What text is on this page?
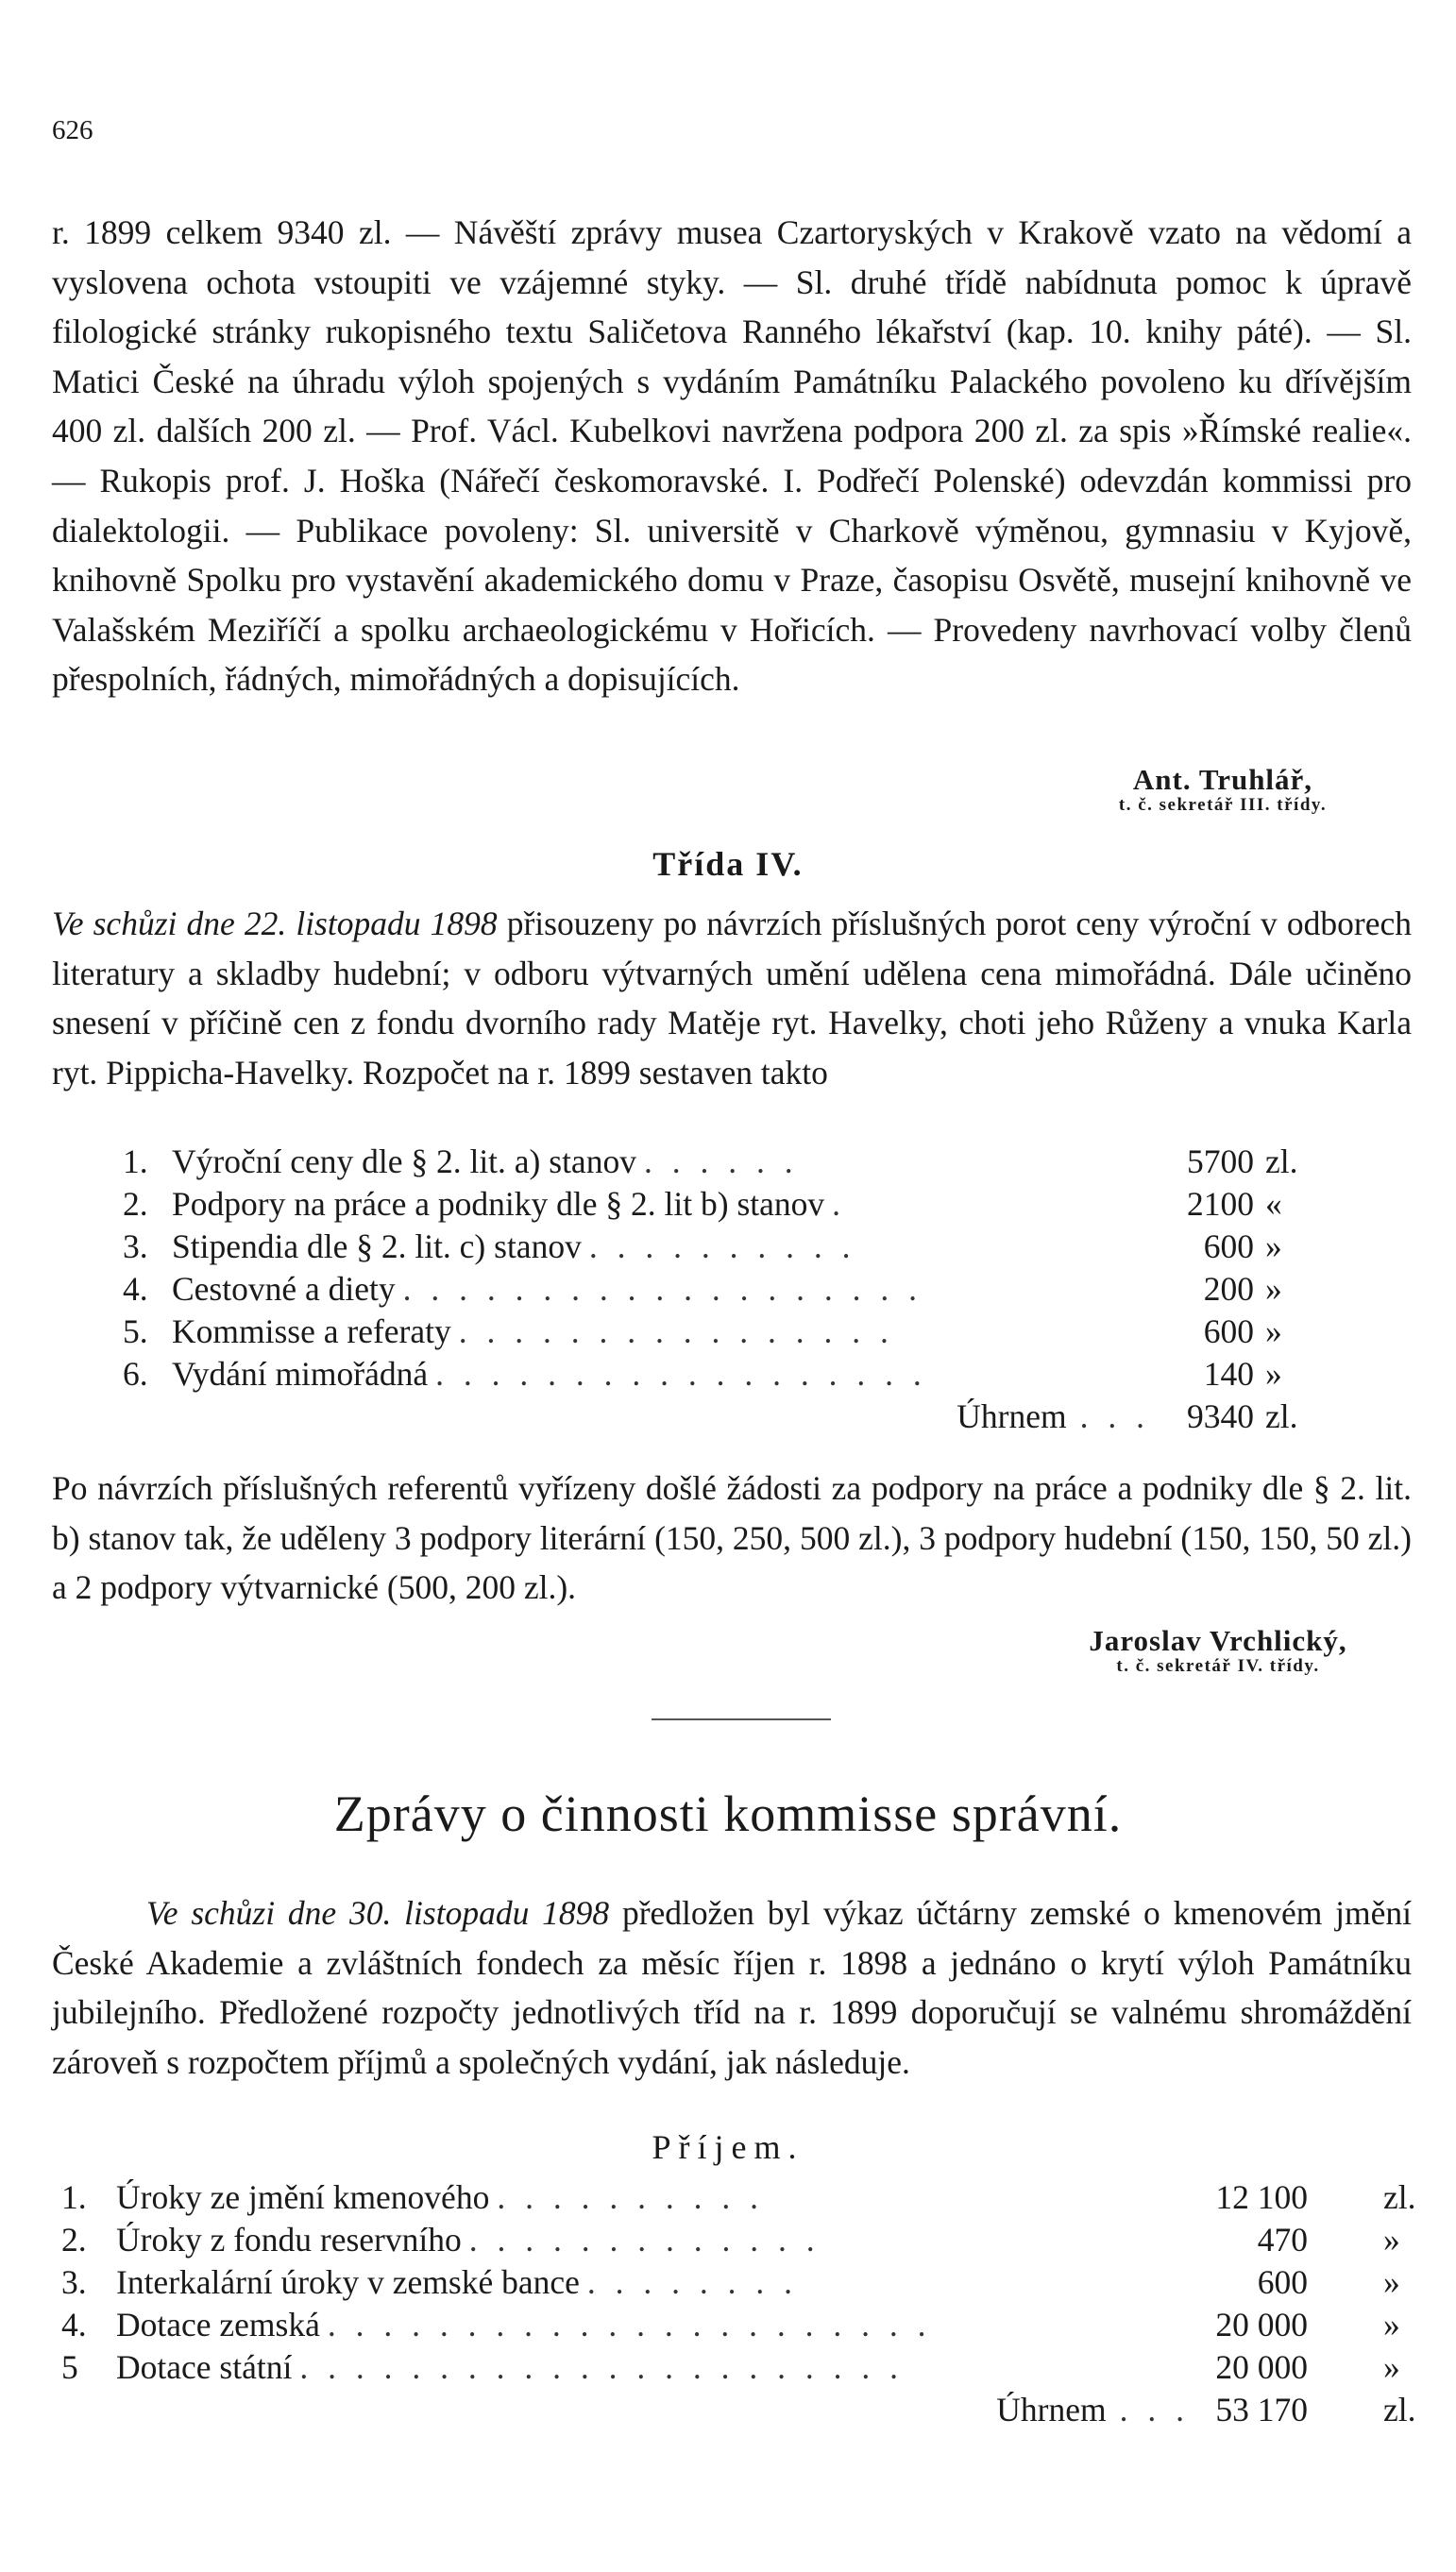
626

r. 1899 celkem 9340 zl. — Návěští zprávy musea Czartoryských v Krakově vzato na vědomí a vyslovena ochota vstoupiti ve vzájemné styky. — Sl. druhé třídě nabídnuta pomoc k úpravě filologické stránky rukopisného textu Saličetova Ranného lékařství (kap. 10. knihy páté). — Sl. Matici České na úhradu výloh spojených s vydáním Památníku Palackého povoleno ku dřívějším 400 zl. dalších 200 zl. — Prof. Václ. Kubelkovi navržena podpora 200 zl. za spis »Římské realie«. — Rukopis prof. J. Hoška (Nářečí českomoravské. I. Podřečí Polenské) odevzdán kommissi pro dialektologii. — Publikace povoleny: Sl. universitě v Charkově výměnou, gymnasiu v Kyjově, knihovně Spolku pro vystavění akademického domu v Praze, časopisu Osvětě, musejní knihovně ve Valašském Meziříčí a spolku archaeologickému v Hořicích. — Provedeny navrhovací volby členů přespolních, řádných, mimořádných a dopisujících.

Ant. Truhlář,
t. č. sekretář III. třídy.
Třída IV.

Ve schůzi dne 22. listopadu 1898 přisouzeny po návrzích příslušných porot ceny výroční v odborech literatury a skladby hudební; v odboru výtvarných umění udělena cena mimořádná. Dále učiněno snesení v příčině cen z fondu dvorního rady Matěje ryt. Havelky, choti jeho Růženy a vnuka Karla ryt. Pippicha-Havelky. Rozpočet na r. 1899 sestaven takto

1. Výroční ceny dle § 2. lit. a) stanov . . . . . .	5700 zl.
2. Podpory na práce a podniky dle § 2. lit b) stanov .	2100 «
3. Stipendia dle § 2. lit. c) stanov . . . . . . . . . .	600 »
4. Cestovné a diety . . . . . . . . . . . . . . . . . . .	200 »
5. Kommisse a referaty . . . . . . . . . . . . . . . .	600 »
6. Vydání mimořádná . . . . . . . . . . . . . . . . . .	140 »
Úhrnem . . .	9340 zl.

Po návrzích příslušných referentů vyřízeny došlé žádosti za podpory na práce a podniky dle § 2. lit. b) stanov tak, že uděleny 3 podpory literární (150, 250, 500 zl.), 3 podpory hudební (150, 150, 50 zl.) a 2 podpory výtvarnické (500, 200 zl.).

Jaroslav Vrchlický,
t. č. sekretář IV. třídy.
Zprávy o činnosti kommisse správní.

Ve schůzi dne 30. listopadu 1898 předložen byl výkaz účtárny zemské o kmenovém jmění České Akademie a zvláštních fondech za měsíc říjen r. 1898 a jednáno o krytí výloh Památníku jubilejního. Předložené rozpočty jednotlivých tříd na r. 1899 doporučují se valnému shromáždění zároveň s rozpočtem příjmů a společných vydání, jak následuje.

Příjem.
1. Úroky ze jmění kmenového . . . . . . . . . .	12 100	zl.
2. Úroky z fondu reservního . . . . . . . . . . . . .	470	»
3. Interkalární úroky v zemské bance . . . . . . . .	600	»
4. Dotace zemská . . . . . . . . . . . . . . . . . . . . . .	20 000	»
5	Dotace státní . . . . . . . . . . . . . . . . . . . . . .	20 000	»
Úhrnem . . . 53 170	zl.
